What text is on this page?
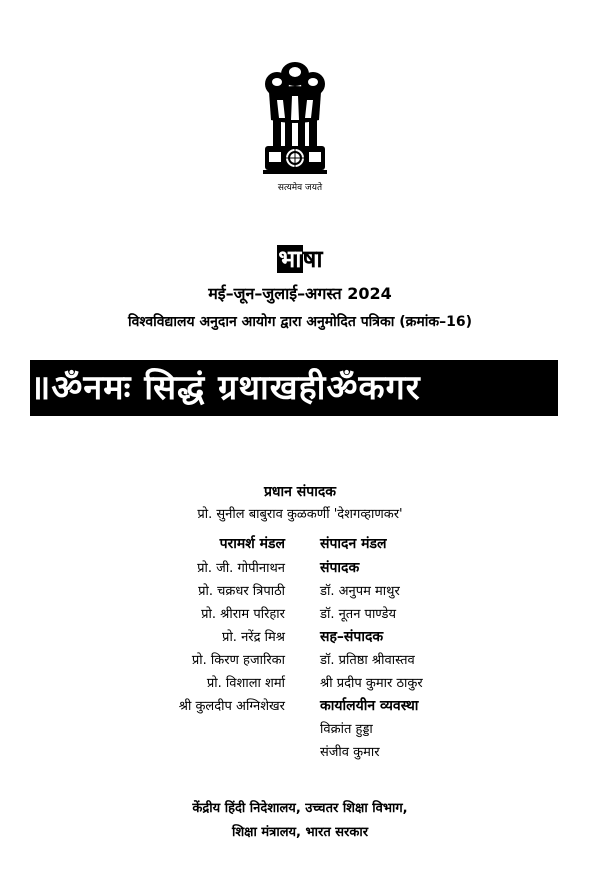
सत्यमेव जयते
भाषा
मई–जून–जुलाई–अगस्त 2024
विश्वविद्यालय अनुदान आयोग द्वारा अनुमोदित पत्रिका (क्रमांक–16)
॥ॐनमः सिद्धं ग्रथाखहीॐकगर
प्रधान संपादक
प्रो. सुनील बाबुराव कुळकर्णी 'देशगव्हाणकर'
परामर्श मंडल
प्रो. जी. गोपीनाथन
प्रो. चक्रधर त्रिपाठी
प्रो. श्रीराम परिहार
प्रो. नरेंद्र मिश्र
प्रो. किरण हजारिका
प्रो. विशाला शर्मा
श्री कुलदीप अग्निशेखर
संपादन मंडल
संपादक
डॉ. अनुपम माथुर
डॉ. नूतन पाण्डेय
सह–संपादक
डॉ. प्रतिष्ठा श्रीवास्तव
श्री प्रदीप कुमार ठाकुर
कार्यालयीन व्यवस्था
विक्रांत हुड्डा
संजीव कुमार
केंद्रीय हिंदी निदेशालय, उच्चतर शिक्षा विभाग,
शिक्षा मंत्रालय, भारत सरकार
